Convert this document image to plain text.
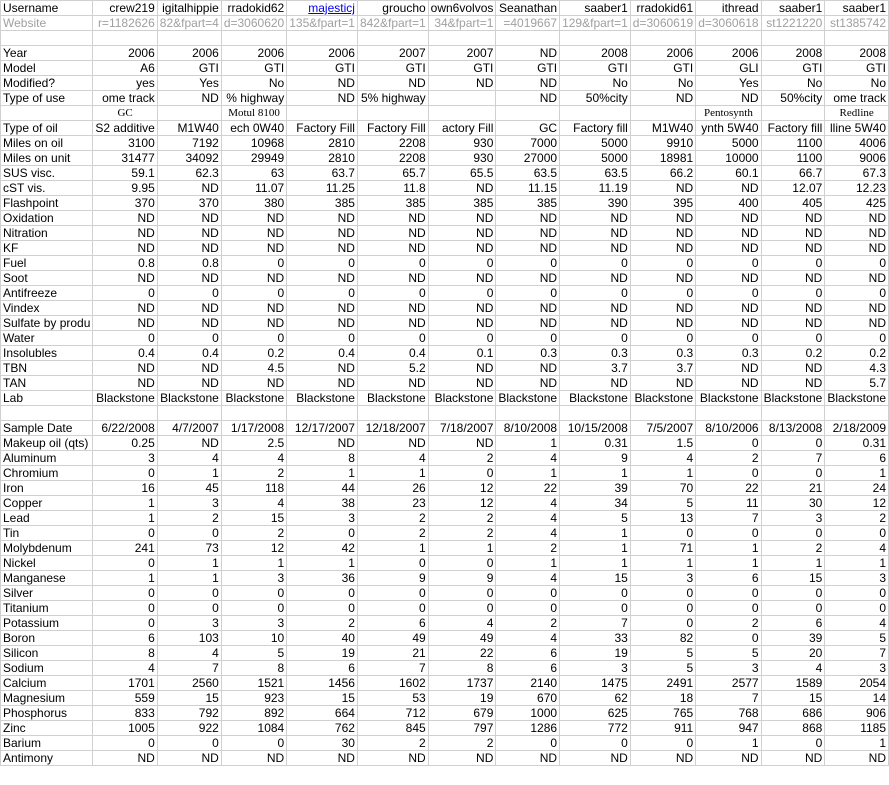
Username	crew219	igitalhippie	rradokid62	majesticj	groucho	own6volvos	Seanathan	saaber1	rradokid61	ithread	saaber1	saaber1
Website	r=1182626	82&fpart=4	d=3060620	135&fpart=1	842&fpart=1	34&fpart=1	=4019667	129&fpart=1	d=3060619	d=3060618	st1221220	st1385742

Year	2006	2006	2006	2006	2007	2007	ND	2008	2006	2006	2008	2008
Model	A6	GTI	GTI	GTI	GTI	GTI	GTI	GTI	GTI	GLI	GTI	GTI
Modified?	yes	Yes	No	ND	ND	ND	ND	No	No	Yes	No	No
Type of use	ome track	ND	% highway	ND	5% highway		ND	50%city	ND	ND	50%city	ome track
	GC		Motul 8100							Pentosynth		Redline
Type of oil	S2 additive	M1W40	ech 0W40	Factory Fill	Factory Fill	actory Fill	GC	Factory fill	M1W40	ynth 5W40	Factory fill	lline 5W40
Miles on oil	3100	7192	10968	2810	2208	930	7000	5000	9910	5000	1100	4006
Miles on unit	31477	34092	29949	2810	2208	930	27000	5000	18981	10000	1100	9006
SUS visc.	59.1	62.3	63	63.7	65.7	65.5	63.5	63.5	66.2	60.1	66.7	67.3
cST vis.	9.95	ND	11.07	11.25	11.8	ND	11.15	11.19	ND	ND	12.07	12.23
Flashpoint	370	370	380	385	385	385	385	390	395	400	405	425
Oxidation	ND	ND	ND	ND	ND	ND	ND	ND	ND	ND	ND	ND
Nitration	ND	ND	ND	ND	ND	ND	ND	ND	ND	ND	ND	ND
KF	ND	ND	ND	ND	ND	ND	ND	ND	ND	ND	ND	ND
Fuel	0.8	0.8	0	0	0	0	0	0	0	0	0	0
Soot	ND	ND	ND	ND	ND	ND	ND	ND	ND	ND	ND	ND
Antifreeze	0	0	0	0	0	0	0	0	0	0	0	0
Vindex	ND	ND	ND	ND	ND	ND	ND	ND	ND	ND	ND	ND
Sulfate by produ	ND	ND	ND	ND	ND	ND	ND	ND	ND	ND	ND	ND
Water	0	0	0	0	0	0	0	0	0	0	0	0
Insolubles	0.4	0.4	0.2	0.4	0.4	0.1	0.3	0.3	0.3	0.3	0.2	0.2
TBN	ND	ND	4.5	ND	5.2	ND	ND	3.7	3.7	ND	ND	4.3
TAN	ND	ND	ND	ND	ND	ND	ND	ND	ND	ND	ND	5.7
Lab	Blackstone	Blackstone	Blackstone	Blackstone	Blackstone	Blackstone	Blackstone	Blackstone	Blackstone	Blackstone	Blackstone	Blackstone

Sample Date	6/22/2008	4/7/2007	1/17/2008	12/17/2007	12/18/2007	7/18/2007	8/10/2008	10/15/2008	7/5/2007	8/10/2006	8/13/2008	2/18/2009
Makeup oil (qts)	0.25	ND	2.5	ND	ND	ND	1	0.31	1.5	0	0	0.31
Aluminum	3	4	4	8	4	2	4	9	4	2	7	6
Chromium	0	1	2	1	1	0	1	1	1	0	0	1
Iron	16	45	118	44	26	12	22	39	70	22	21	24
Copper	1	3	4	38	23	12	4	34	5	11	30	12
Lead	1	2	15	3	2	2	4	5	13	7	3	2
Tin	0	0	2	0	2	2	4	1	0	0	0	0
Molybdenum	241	73	12	42	1	1	2	1	71	1	2	4
Nickel	0	1	1	1	0	0	1	1	1	1	1	1
Manganese	1	1	3	36	9	9	4	15	3	6	15	3
Silver	0	0	0	0	0	0	0	0	0	0	0	0
Titanium	0	0	0	0	0	0	0	0	0	0	0	0
Potassium	0	3	3	2	6	4	2	7	0	2	6	4
Boron	6	103	10	40	49	49	4	33	82	0	39	5
Silicon	8	4	5	19	21	22	6	19	5	5	20	7
Sodium	4	7	8	6	7	8	6	3	5	3	4	3
Calcium	1701	2560	1521	1456	1602	1737	2140	1475	2491	2577	1589	2054
Magnesium	559	15	923	15	53	19	670	62	18	7	15	14
Phosphorus	833	792	892	664	712	679	1000	625	765	768	686	906
Zinc	1005	922	1084	762	845	797	1286	772	911	947	868	1185
Barium	0	0	0	30	2	2	0	0	0	1	0	1
Antimony	ND	ND	ND	ND	ND	ND	ND	ND	ND	ND	ND	ND
